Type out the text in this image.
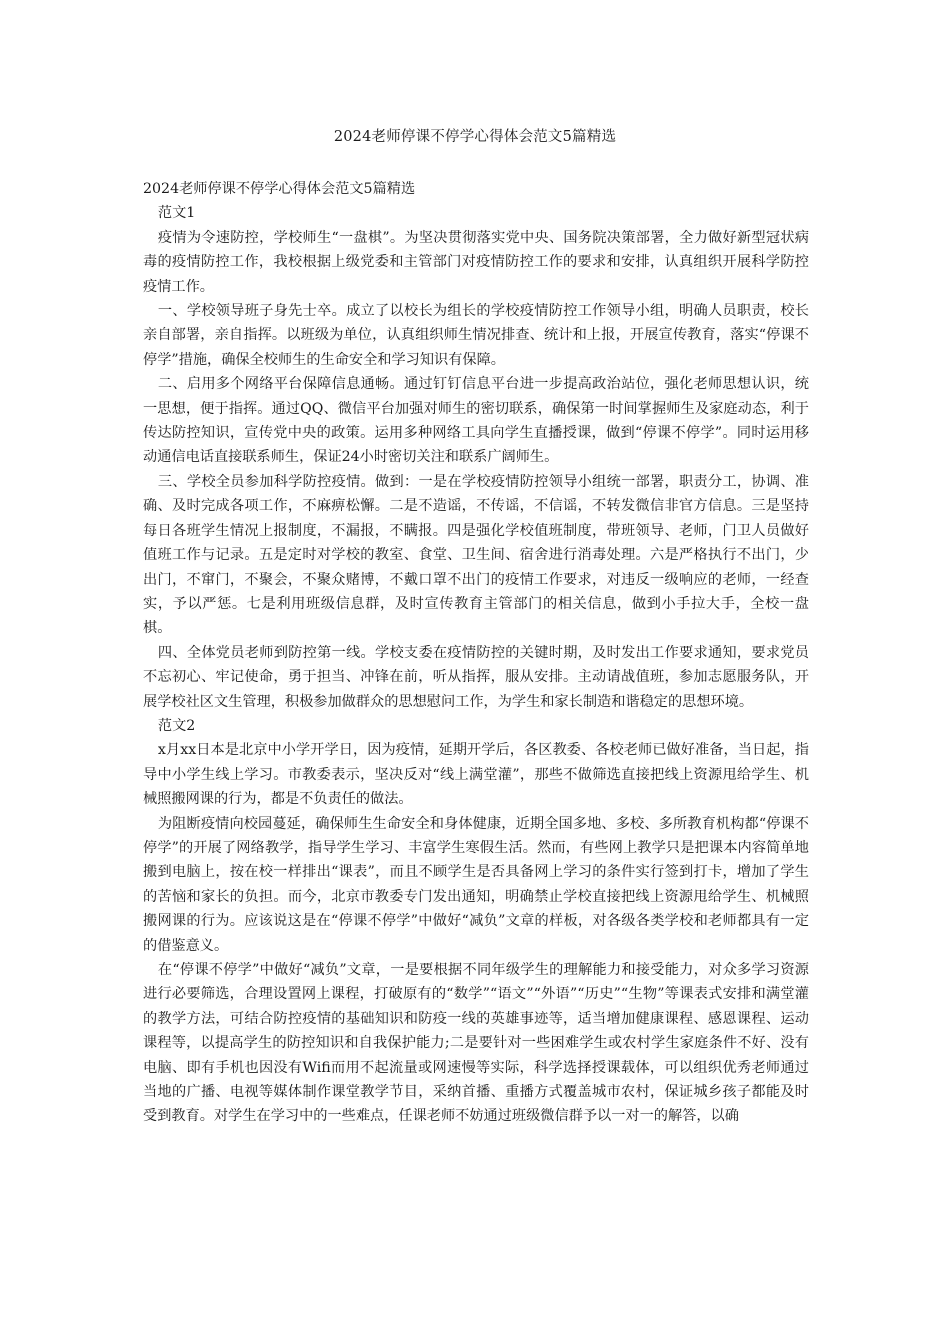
2024老师停课不停学心得体会范文5篇精选

2024老师停课不停学心得体会范文5篇精选

范文1

疫情为令速防控，学校师生“一盘棋”。为坚决贯彻落实党中央、国务院决策部署，全力做好新型冠状病毒的疫情防控工作，我校根据上级党委和主管部门对疫情防控工作的要求和安排，认真组织开展科学防控疫情工作。

一、学校领导班子身先士卒。成立了以校长为组长的学校疫情防控工作领导小组，明确人员职责，校长亲自部署，亲自指挥。以班级为单位，认真组织师生情况排查、统计和上报，开展宣传教育，落实“停课不停学”措施，确保全校师生的生命安全和学习知识有保障。

二、启用多个网络平台保障信息通畅。通过钉钉信息平台进一步提高政治站位，强化老师思想认识，统一思想，便于指挥。通过QQ、微信平台加强对师生的密切联系，确保第一时间掌握师生及家庭动态，利于传达防控知识，宣传党中央的政策。运用多种网络工具向学生直播授课，做到“停课不停学”。同时运用移动通信电话直接联系师生，保证24小时密切关注和联系广阔师生。

三、学校全员参加科学防控疫情。做到：一是在学校疫情防控领导小组统一部署，职责分工，协调、准确、及时完成各项工作，不麻痹松懈。二是不造谣，不传谣，不信谣，不转发微信非官方信息。三是坚持每日各班学生情况上报制度，不漏报，不瞒报。四是强化学校值班制度，带班领导、老师，门卫人员做好值班工作与记录。五是定时对学校的教室、食堂、卫生间、宿舍进行消毒处理。六是严格执行不出门，少出门，不窜门，不聚会，不聚众赌博，不戴口罩不出门的疫情工作要求，对违反一级响应的老师，一经查实，予以严惩。七是利用班级信息群，及时宣传教育主管部门的相关信息，做到小手拉大手，全校一盘棋。

四、全体党员老师到防控第一线。学校支委在疫情防控的关键时期，及时发出工作要求通知，要求党员不忘初心、牢记使命，勇于担当、冲锋在前，听从指挥，服从安排。主动请战值班，参加志愿服务队，开展学校社区文生管理，积极参加做群众的思想慰问工作，为学生和家长制造和谐稳定的思想环境。

范文2

x月xx日本是北京中小学开学日，因为疫情，延期开学后，各区教委、各校老师已做好准备，当日起，指导中小学生线上学习。市教委表示，坚决反对“线上满堂灌”，那些不做筛选直接把线上资源甩给学生、机械照搬网课的行为，都是不负责任的做法。

为阻断疫情向校园蔓延，确保师生生命安全和身体健康，近期全国多地、多校、多所教育机构都“停课不停学”的开展了网络教学，指导学生学习、丰富学生寒假生活。然而，有些网上教学只是把课本内容简单地搬到电脑上，按在校一样排出“课表”，而且不顾学生是否具备网上学习的条件实行签到打卡，增加了学生的苦恼和家长的负担。而今，北京市教委专门发出通知，明确禁止学校直接把线上资源甩给学生、机械照搬网课的行为。应该说这是在“停课不停学”中做好“减负”文章的样板，对各级各类学校和老师都具有一定的借鉴意义。

在“停课不停学”中做好“减负”文章，一是要根据不同年级学生的理解能力和接受能力，对众多学习资源进行必要筛选，合理设置网上课程，打破原有的“数学”“语文”“外语”“历史”“生物”等课表式安排和满堂灌的教学方法，可结合防控疫情的基础知识和防疫一线的英雄事迹等，适当增加健康课程、感恩课程、运动课程等，以提高学生的防控知识和自我保护能力;二是要针对一些困难学生或农村学生家庭条件不好、没有电脑、即有手机也因没有Wifi而用不起流量或网速慢等实际，科学选择授课载体，可以组织优秀老师通过当地的广播、电视等媒体制作课堂教学节目，采纳首播、重播方式覆盖城市农村，保证城乡孩子都能及时受到教育。对学生在学习中的一些难点，任课老师不妨通过班级微信群予以一对一的解答，以确
